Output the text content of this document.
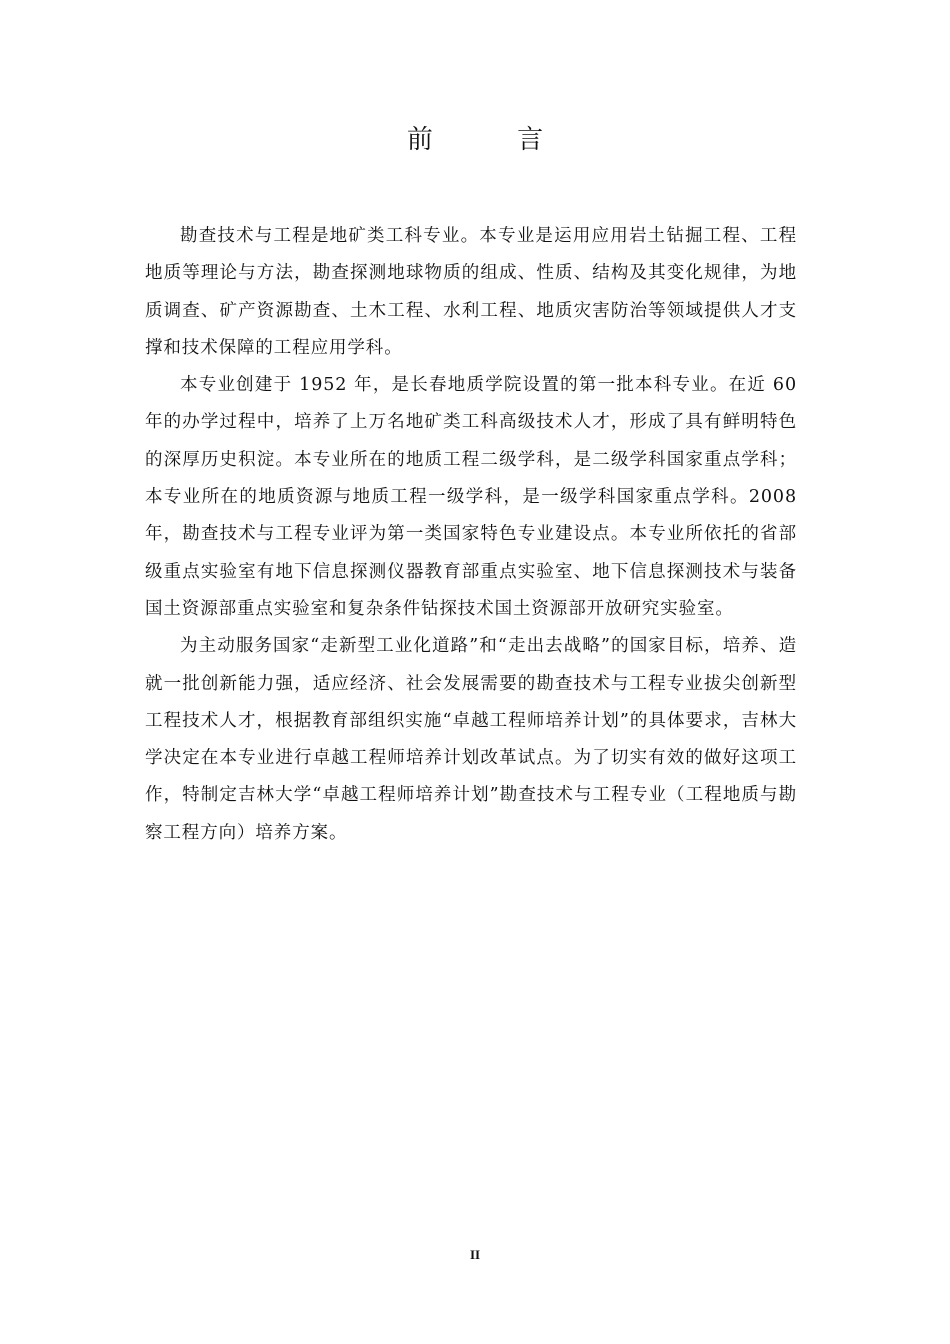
前 言

勘查技术与工程是地矿类工科专业。本专业是运用应用岩土钻掘工程、工程地质等理论与方法，勘查探测地球物质的组成、性质、结构及其变化规律，为地质调查、矿产资源勘查、土木工程、水利工程、地质灾害防治等领域提供人才支撑和技术保障的工程应用学科。

本专业创建于 1952 年，是长春地质学院设置的第一批本科专业。在近 60 年的办学过程中，培养了上万名地矿类工科高级技术人才，形成了具有鲜明特色的深厚历史积淀。本专业所在的地质工程二级学科，是二级学科国家重点学科；本专业所在的地质资源与地质工程一级学科，是一级学科国家重点学科。2008 年，勘查技术与工程专业评为第一类国家特色专业建设点。本专业所依托的省部级重点实验室有地下信息探测仪器教育部重点实验室、地下信息探测技术与装备国土资源部重点实验室和复杂条件钻探技术国土资源部开放研究实验室。

为主动服务国家“走新型工业化道路”和“走出去战略”的国家目标，培养、造就一批创新能力强，适应经济、社会发展需要的勘查技术与工程专业拔尖创新型工程技术人才，根据教育部组织实施“卓越工程师培养计划”的具体要求，吉林大学决定在本专业进行卓越工程师培养计划改革试点。为了切实有效的做好这项工作，特制定吉林大学“卓越工程师培养计划”勘查技术与工程专业（工程地质与勘察工程方向）培养方案。

II
